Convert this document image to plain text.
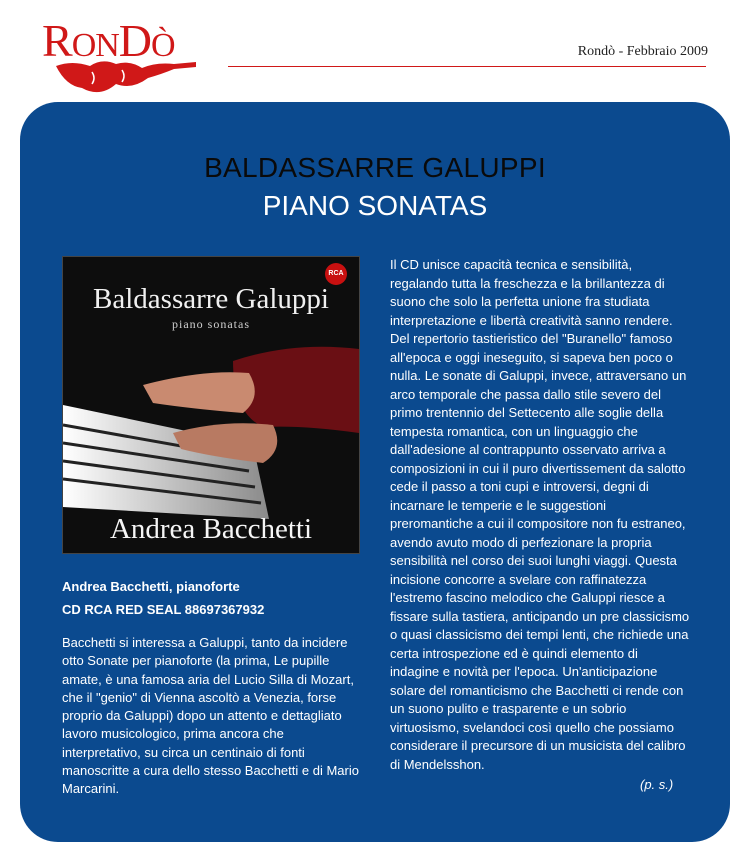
RONDÒ	Rondò - Febbraio 2009
BALDASSARRE GALUPPI
PIANO SONATAS
RCA
Baldassarre Galuppi
piano sonatas
Andrea Bacchetti
Andrea Bacchetti, pianoforte
CD RCA RED SEAL 88697367932
Bacchetti si interessa a Galuppi, tanto da incidere otto Sonate per pianoforte (la prima, Le pupille amate, è una famosa aria del Lucio Silla di Mozart, che il "genio" di Vienna ascoltò a Venezia, forse proprio da Galuppi) dopo un attento e dettagliato lavoro musicologico, prima ancora che interpretativo, su circa un centinaio di fonti manoscritte a cura dello stesso Bacchetti e di Mario Marcarini.
Il CD unisce capacità tecnica e sensibilità, regalando tutta la freschezza e la brillantezza di suono che solo la perfetta unione fra studiata interpretazione e libertà creatività sanno rendere. Del repertorio tastieristico del "Buranello" famoso all'epoca e oggi ineseguito, si sapeva ben poco o nulla. Le sonate di Galuppi, invece, attraversano un arco temporale che passa dallo stile severo del primo trentennio del Settecento alle soglie della tempesta romantica, con un linguaggio che dall'adesione al contrappunto osservato arriva a composizioni in cui il puro divertissement da salotto cede il passo a toni cupi e introversi, degni di incarnare le temperie e le suggestioni preromantiche a cui il compositore non fu estraneo, avendo avuto modo di perfezionare la propria sensibilità nel corso dei suoi lunghi viaggi. Questa incisione concorre a svelare con raffinatezza l'estremo fascino melodico che Galuppi riesce a fissare sulla tastiera, anticipando un pre classicismo o quasi classicismo dei tempi lenti, che richiede una certa introspezione ed è quindi elemento di indagine e novità per l'epoca. Un'anticipazione solare del romanticismo che Bacchetti ci rende con un suono pulito e trasparente e un sobrio virtuosismo, svelandoci così quello che possiamo considerare il precursore di un musicista del calibro di Mendelsshon.
(p. s.)
